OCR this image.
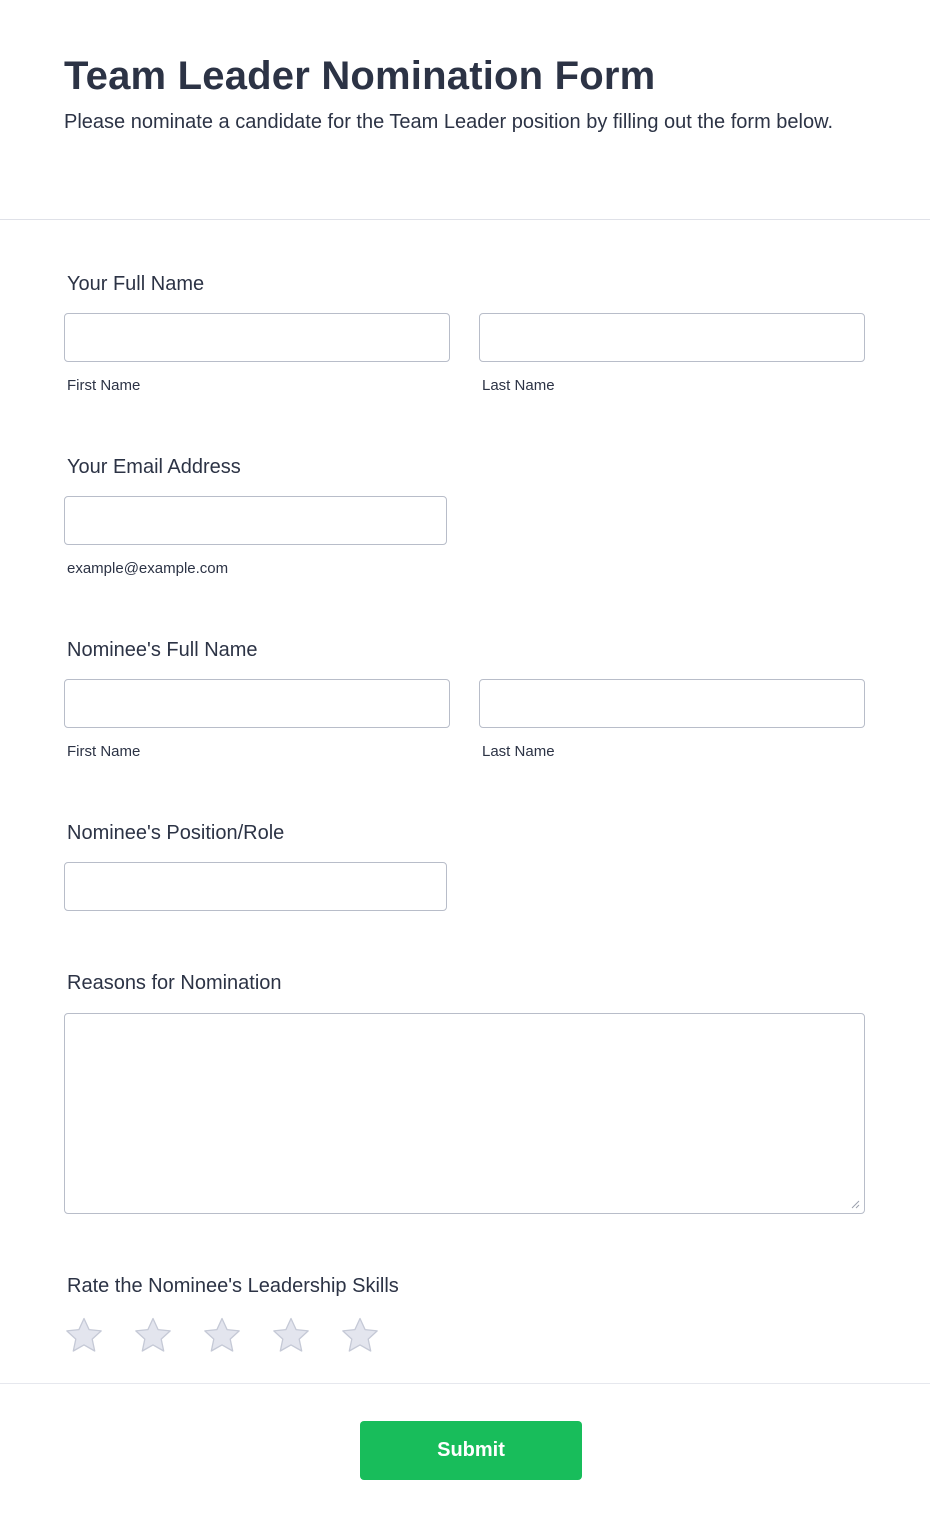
Team Leader Nomination Form

Please nominate a candidate for the Team Leader position by filling out the form below.

Your Full Name
First Name	Last Name
Your Email Address
example@example.com
Nominee's Full Name
First Name	Last Name
Nominee's Position/Role
Reasons for Nomination
Rate the Nominee's Leadership Skills
Submit
